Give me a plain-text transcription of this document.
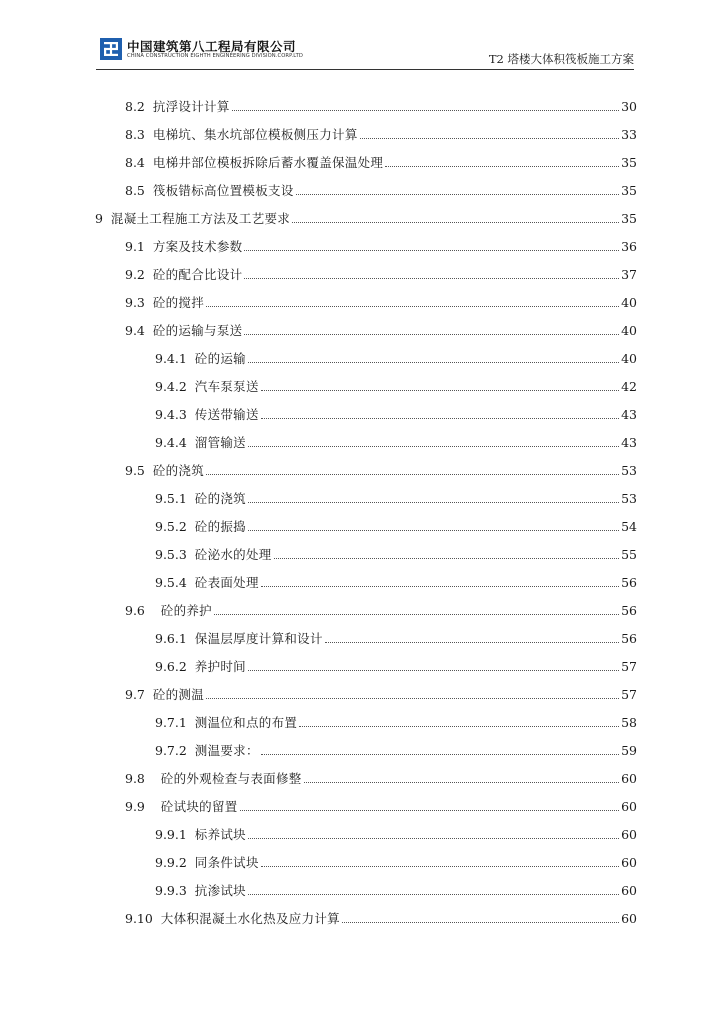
中国建筑第八工程局有限公司
CHINA CONSTRUCTION EIGHTH ENGINEERING DIVISION.CORP.LTD	T2 塔楼大体积筏板施工方案
8.2 抗浮设计计算	30
8.3 电梯坑、集水坑部位模板侧压力计算	33
8.4 电梯井部位模板拆除后蓄水覆盖保温处理	35
8.5 筏板错标高位置模板支设	35
9 混凝土工程施工方法及工艺要求	35
9.1 方案及技术参数	36
9.2 砼的配合比设计	37
9.3 砼的搅拌	40
9.4 砼的运输与泵送	40
9.4.1 砼的运输	40
9.4.2 汽车泵泵送	42
9.4.3 传送带输送	43
9.4.4 溜管输送	43
9.5 砼的浇筑	53
9.5.1 砼的浇筑	53
9.5.2 砼的振捣	54
9.5.3 砼泌水的处理	55
9.5.4 砼表面处理	56
9.6 砼的养护	56
9.6.1 保温层厚度计算和设计	56
9.6.2 养护时间	57
9.7 砼的测温	57
9.7.1 测温位和点的布置	58
9.7.2 测温要求：	59
9.8 砼的外观检查与表面修整	60
9.9 砼试块的留置	60
9.9.1 标养试块	60
9.9.2 同条件试块	60
9.9.3 抗渗试块	60
9.10 大体积混凝土水化热及应力计算	60
